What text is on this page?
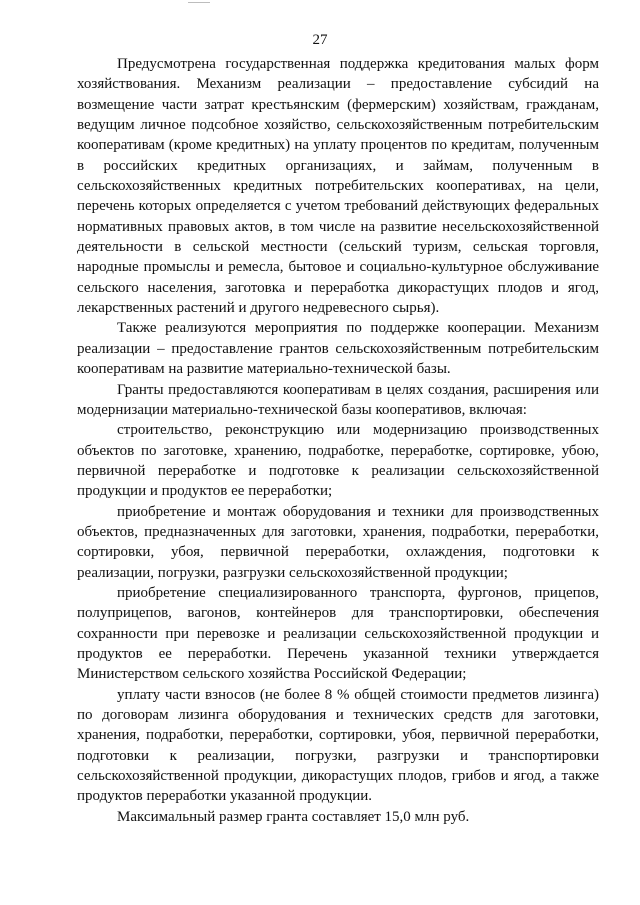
27

Предусмотрена государственная поддержка кредитования малых форм хозяйствования. Механизм реализации – предоставление субсидий на возмещение части затрат крестьянским (фермерским) хозяйствам, гражданам, ведущим личное подсобное хозяйство, сельскохозяйственным потребительским кооперативам (кроме кредитных) на уплату процентов по кредитам, полученным в российских кредитных организациях, и займам, полученным в сельскохозяйственных кредитных потребительских кооперативах, на цели, перечень которых определяется с учетом требований действующих федеральных нормативных правовых актов, в том числе на развитие несельскохозяйственной деятельности в сельской местности (сельский туризм, сельская торговля, народные промыслы и ремесла, бытовое и социально-культурное обслуживание сельского населения, заготовка и переработка дикорастущих плодов и ягод, лекарственных растений и другого недревесного сырья).

Также реализуются мероприятия по поддержке кооперации. Механизм реализации – предоставление грантов сельскохозяйственным потребительским кооперативам на развитие материально-технической базы.

Гранты предоставляются кооперативам в целях создания, расширения или модернизации материально-технической базы кооперативов, включая:

строительство, реконструкцию или модернизацию производственных объектов по заготовке, хранению, подработке, переработке, сортировке, убою, первичной переработке и подготовке к реализации сельскохозяйственной продукции и продуктов ее переработки;

приобретение и монтаж оборудования и техники для производственных объектов, предназначенных для заготовки, хранения, подработки, переработки, сортировки, убоя, первичной переработки, охлаждения, подготовки к реализации, погрузки, разгрузки сельскохозяйственной продукции;

приобретение специализированного транспорта, фургонов, прицепов, полуприцепов, вагонов, контейнеров для транспортировки, обеспечения сохранности при перевозке и реализации сельскохозяйственной продукции и продуктов ее переработки. Перечень указанной техники утверждается Министерством сельского хозяйства Российской Федерации;

уплату части взносов (не более 8 % общей стоимости предметов лизинга) по договорам лизинга оборудования и технических средств для заготовки, хранения, подработки, переработки, сортировки, убоя, первичной переработки, подготовки к реализации, погрузки, разгрузки и транспортировки сельскохозяйственной продукции, дикорастущих плодов, грибов и ягод, а также продуктов переработки указанной продукции.

Максимальный размер гранта составляет 15,0 млн руб.
